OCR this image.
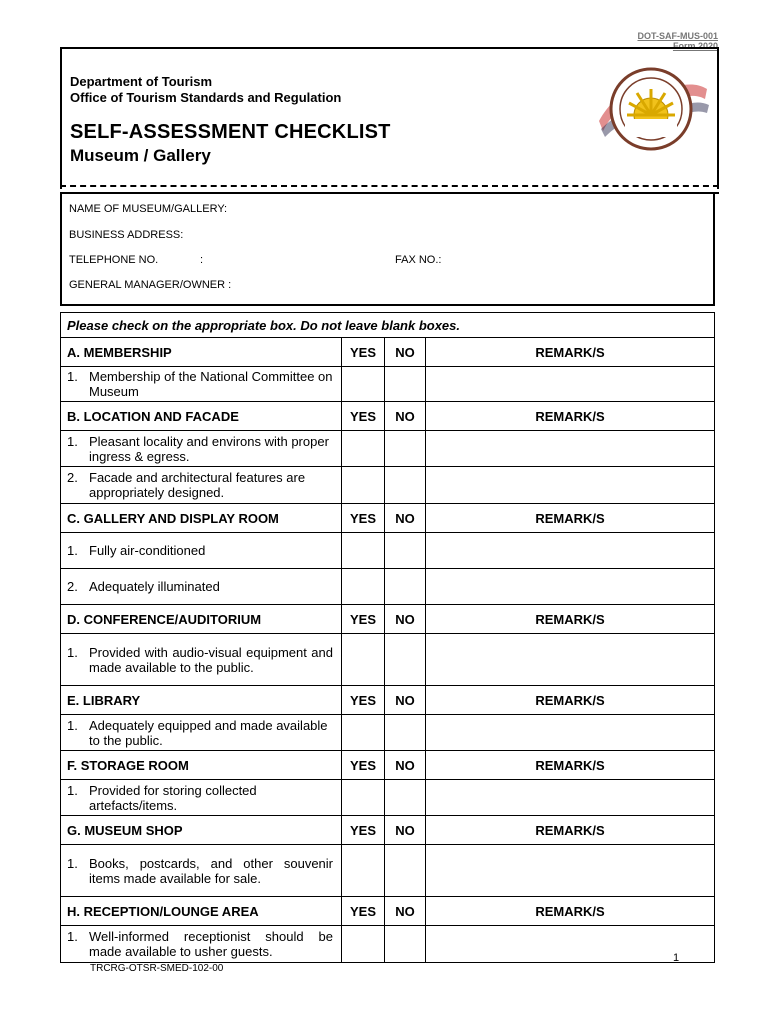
DOT-SAF-MUS-001
Form 2020
Department of Tourism
Office of Tourism Standards and Regulation
SELF-ASSESSMENT CHECKLIST
Museum / Gallery
NAME OF MUSEUM/GALLERY:
BUSINESS ADDRESS:
TELEPHONE NO.	:	FAX NO.:
GENERAL MANAGER/OWNER :
Please check on the appropriate box. Do not leave blank boxes.			
A. MEMBERSHIP	YES	NO	REMARK/S
1. Membership of the National Committee on Museum			
B. LOCATION AND FACADE	YES	NO	REMARK/S
1. Pleasant locality and environs with proper ingress & egress.			
2. Facade and architectural features are appropriately designed.			
C. GALLERY AND DISPLAY ROOM	YES	NO	REMARK/S
1. Fully air-conditioned			
2. Adequately illuminated			
D. CONFERENCE/AUDITORIUM	YES	NO	REMARK/S
1. Provided with audio-visual equipment and made available to the public.			
E. LIBRARY	YES	NO	REMARK/S
1. Adequately equipped and made available to the public.			
F. STORAGE ROOM	YES	NO	REMARK/S
1. Provided for storing collected artefacts/items.			
G. MUSEUM SHOP	YES	NO	REMARK/S
1. Books, postcards, and other souvenir items made available for sale.			
H. RECEPTION/LOUNGE AREA	YES	NO	REMARK/S
1. Well-informed receptionist should be made available to usher guests.				1
TRCRG-OTSR-SMED-102-00
